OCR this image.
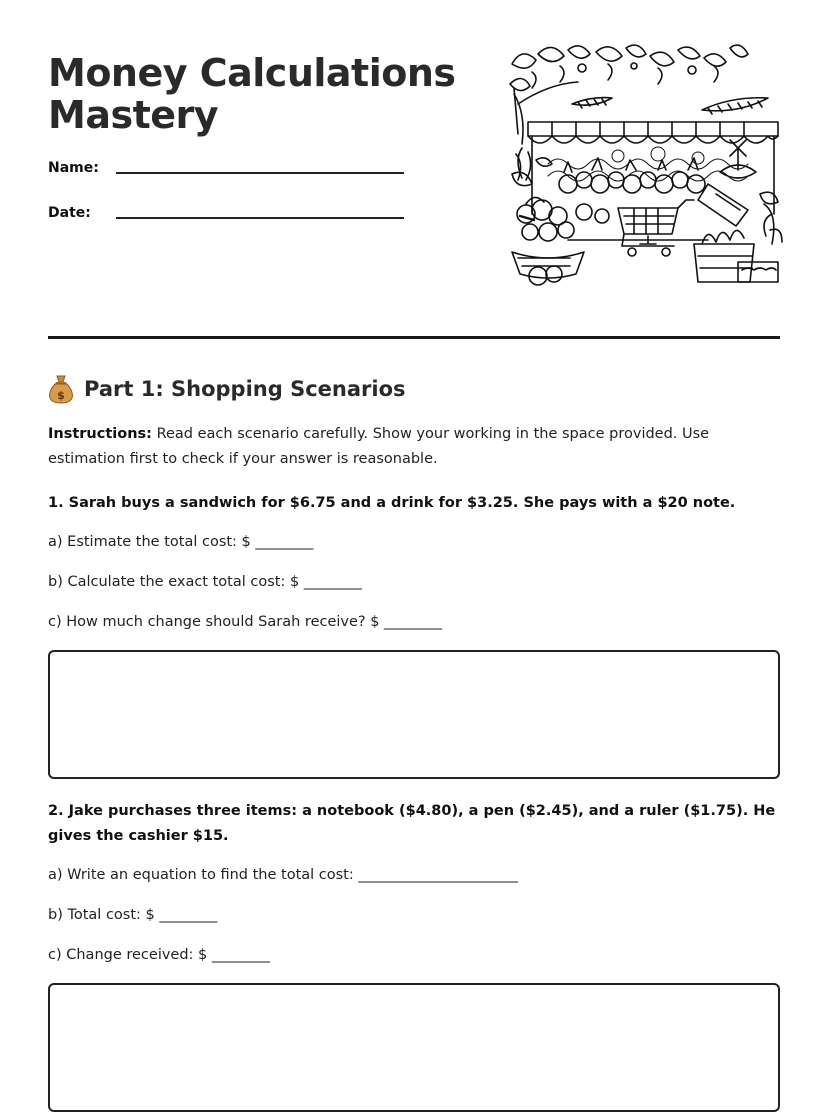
Money Calculations
Mastery
Name:
Date:
$ Part 1: Shopping Scenarios

Instructions: Read each scenario carefully. Show your working in the space provided. Use estimation first to check if your answer is reasonable.

1. Sarah buys a sandwich for $6.75 and a drink for $3.25. She pays with a $20 note.
a) Estimate the total cost: $ ________
b) Calculate the exact total cost: $ ________
c) How much change should Sarah receive? $ ________
2. Jake purchases three items: a notebook ($4.80), a pen ($2.45), and a ruler ($1.75). He gives the cashier $15.
a) Write an equation to find the total cost: ______________________
b) Total cost: $ ________
c) Change received: $ ________
